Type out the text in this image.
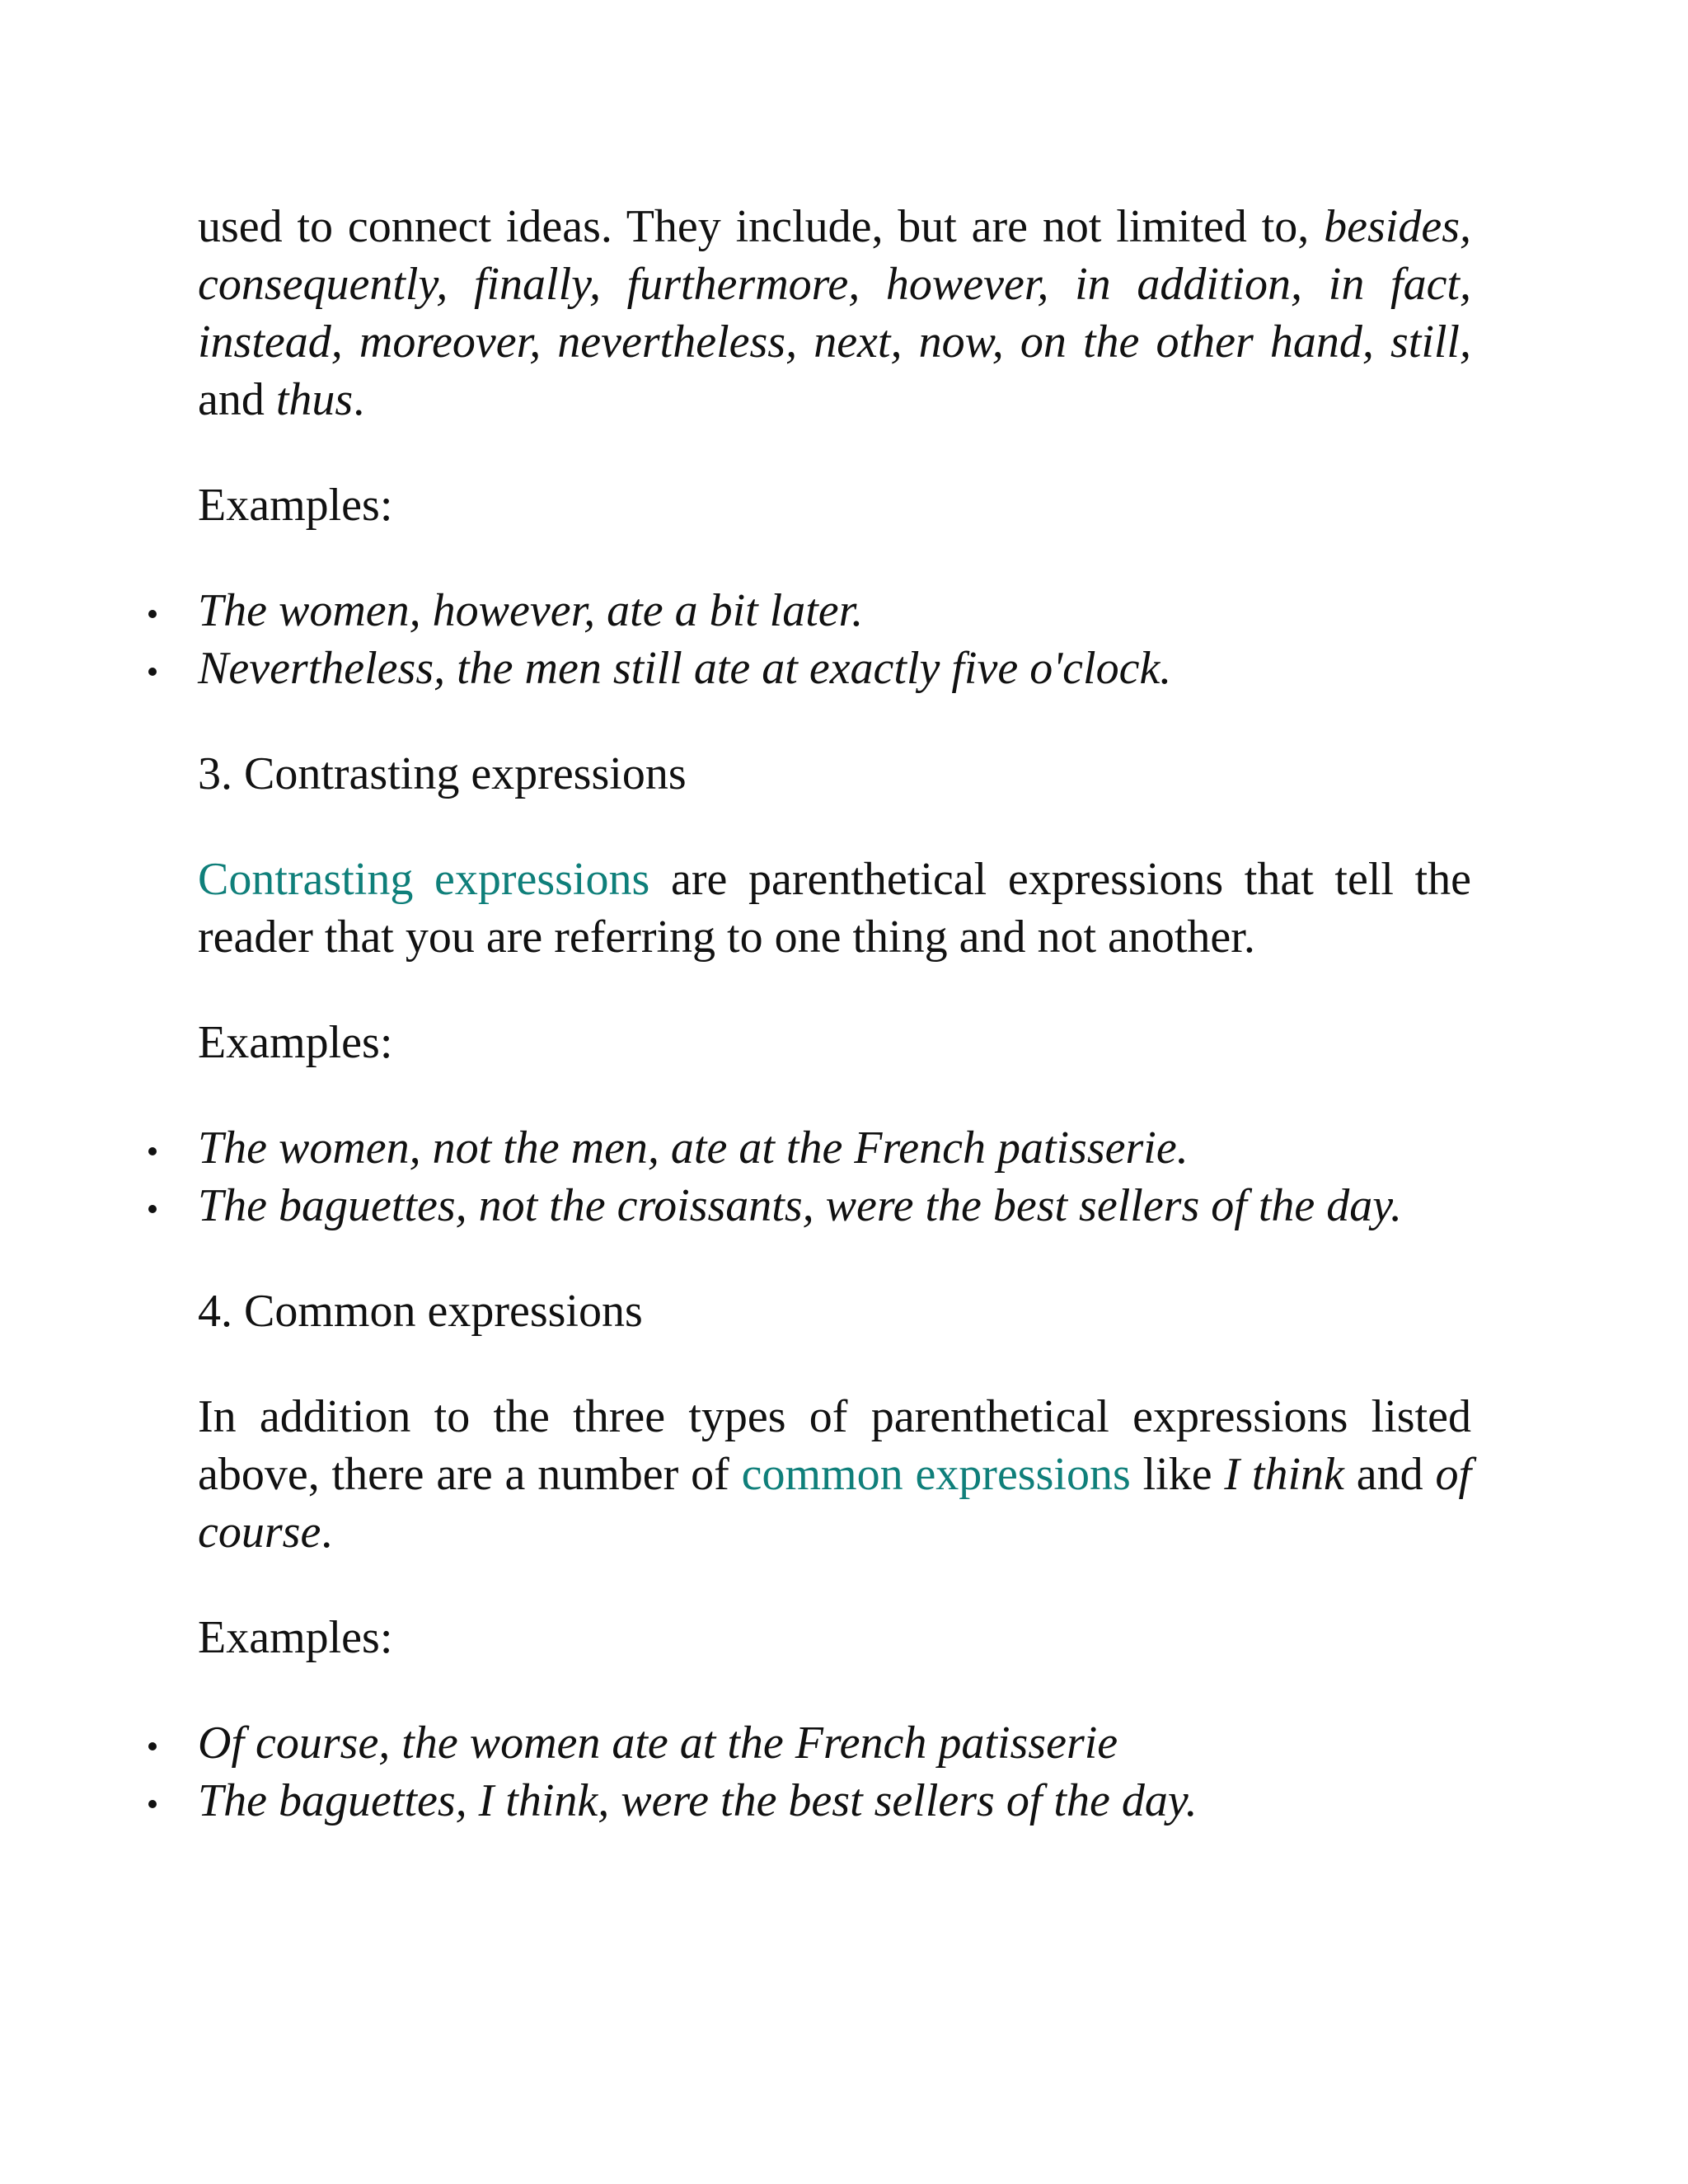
used to connect ideas. They include, but are not limited to, besides, consequently, finally, furthermore, however, in addition, in fact, instead, moreover, nevertheless, next, now, on the other hand, still, and thus.

Examples:

The women, however, ate a bit later.
Nevertheless, the men still ate at exactly five o'clock.

3. Contrasting expressions

Contrasting expressions are parenthetical expressions that tell the reader that you are referring to one thing and not another.

Examples:

The women, not the men, ate at the French patisserie.
The baguettes, not the croissants, were the best sellers of the day.

4. Common expressions

In addition to the three types of parenthetical expressions listed above, there are a number of common expressions like I think and of course.

Examples:

Of course, the women ate at the French patisserie
The baguettes, I think, were the best sellers of the day.
